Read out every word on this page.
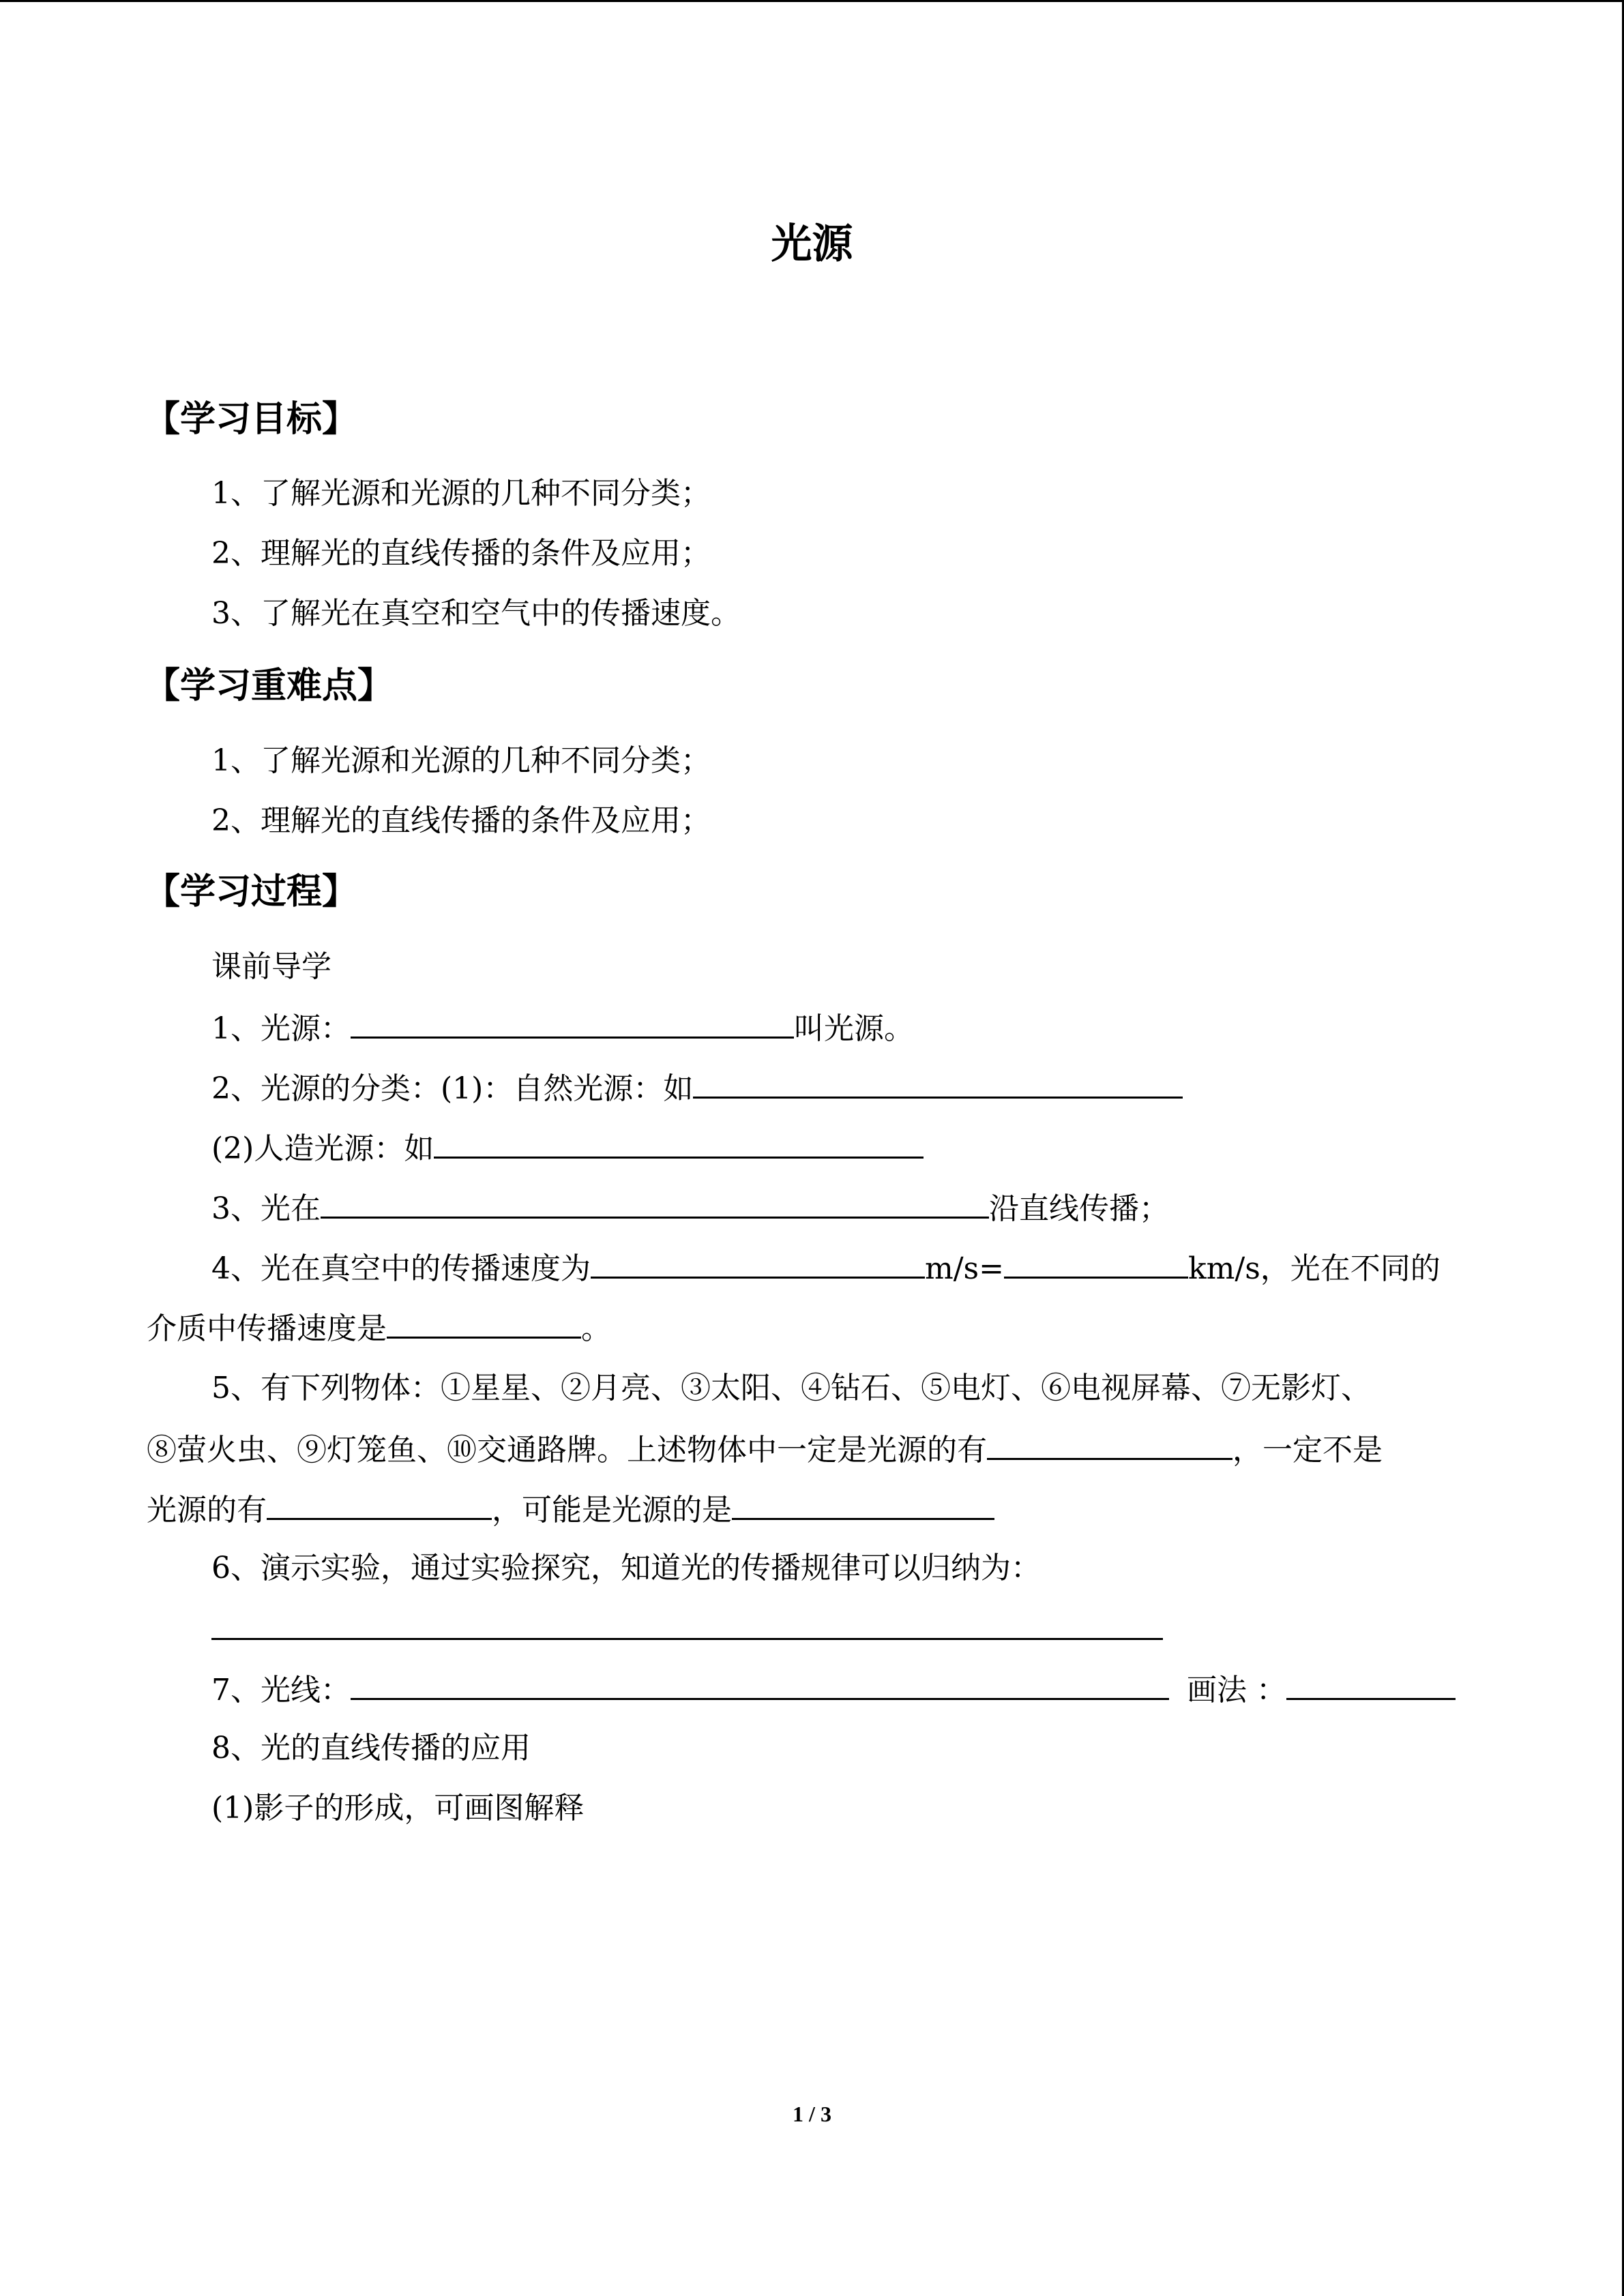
光源
【学习目标】
1、了解光源和光源的几种不同分类；
2、理解光的直线传播的条件及应用；
3、了解光在真空和空气中的传播速度。
【学习重难点】
1、了解光源和光源的几种不同分类；
2、理解光的直线传播的条件及应用；
【学习过程】
课前导学
1、光源：	叫光源。
2、光源的分类：(1)：自然光源：如
(2)人造光源：如
3、光在	沿直线传播；
4、光在真空中的传播速度为	m/s=	km/s，光在不同的
介质中传播速度是	。
5、有下列物体：①星星、②月亮、③太阳、④钻石、⑤电灯、⑥电视屏幕、⑦无影灯、
⑧萤火虫、⑨灯笼鱼、⑩交通路牌。上述物体中一定是光源的有	，一定不是
光源的有	，可能是光源的是
6、演示实验，通过实验探究，知道光的传播规律可以归纳为：
7、光线：	画法 ：
8、光的直线传播的应用
(1)影子的形成，可画图解释
1 / 3
